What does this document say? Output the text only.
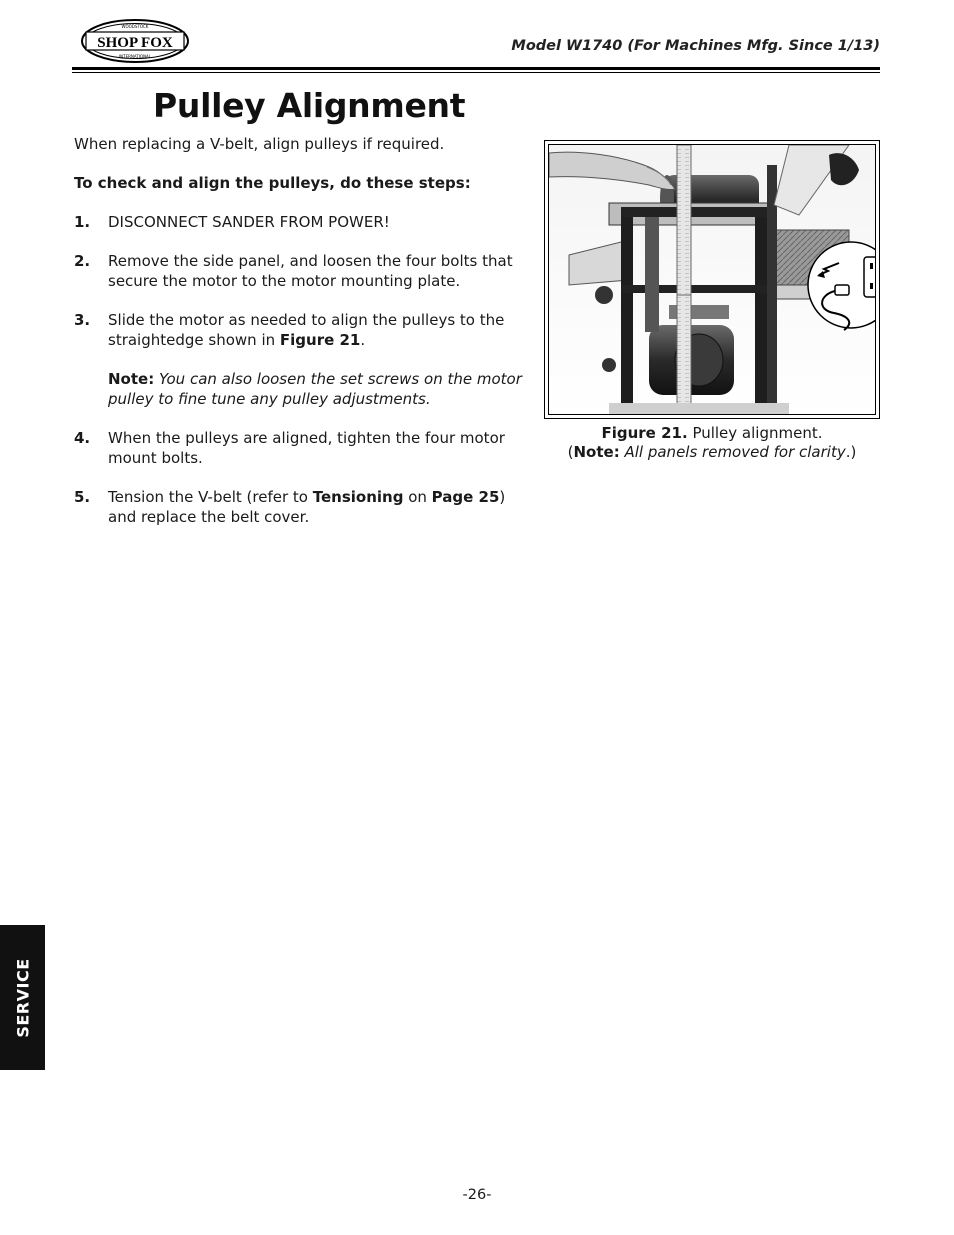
SHOP FOX
WOODSTOCK
INTERNATIONAL
Model W1740 (For Machines Mfg. Since 1/13)
Pulley Alignment

When replacing a V-belt, align pulleys if required.

To check and align the pulleys, do these steps:

1.	DISCONNECT SANDER FROM POWER!
2.	Remove the side panel, and loosen the four bolts that secure the motor to the motor mounting plate.
3.	Slide the motor as needed to align the pulleys to the straightedge shown in Figure 21.
Note: You can also loosen the set screws on the motor pulley to fine tune any pulley adjustments.
4.	When the pulleys are aligned, tighten the four motor mount bolts.
5.	Tension the V-belt (refer to Tensioning on Page 25) and replace the belt cover.
Figure 21. Pulley alignment.
(Note: All panels removed for clarity.)
SERVICE
-26-
